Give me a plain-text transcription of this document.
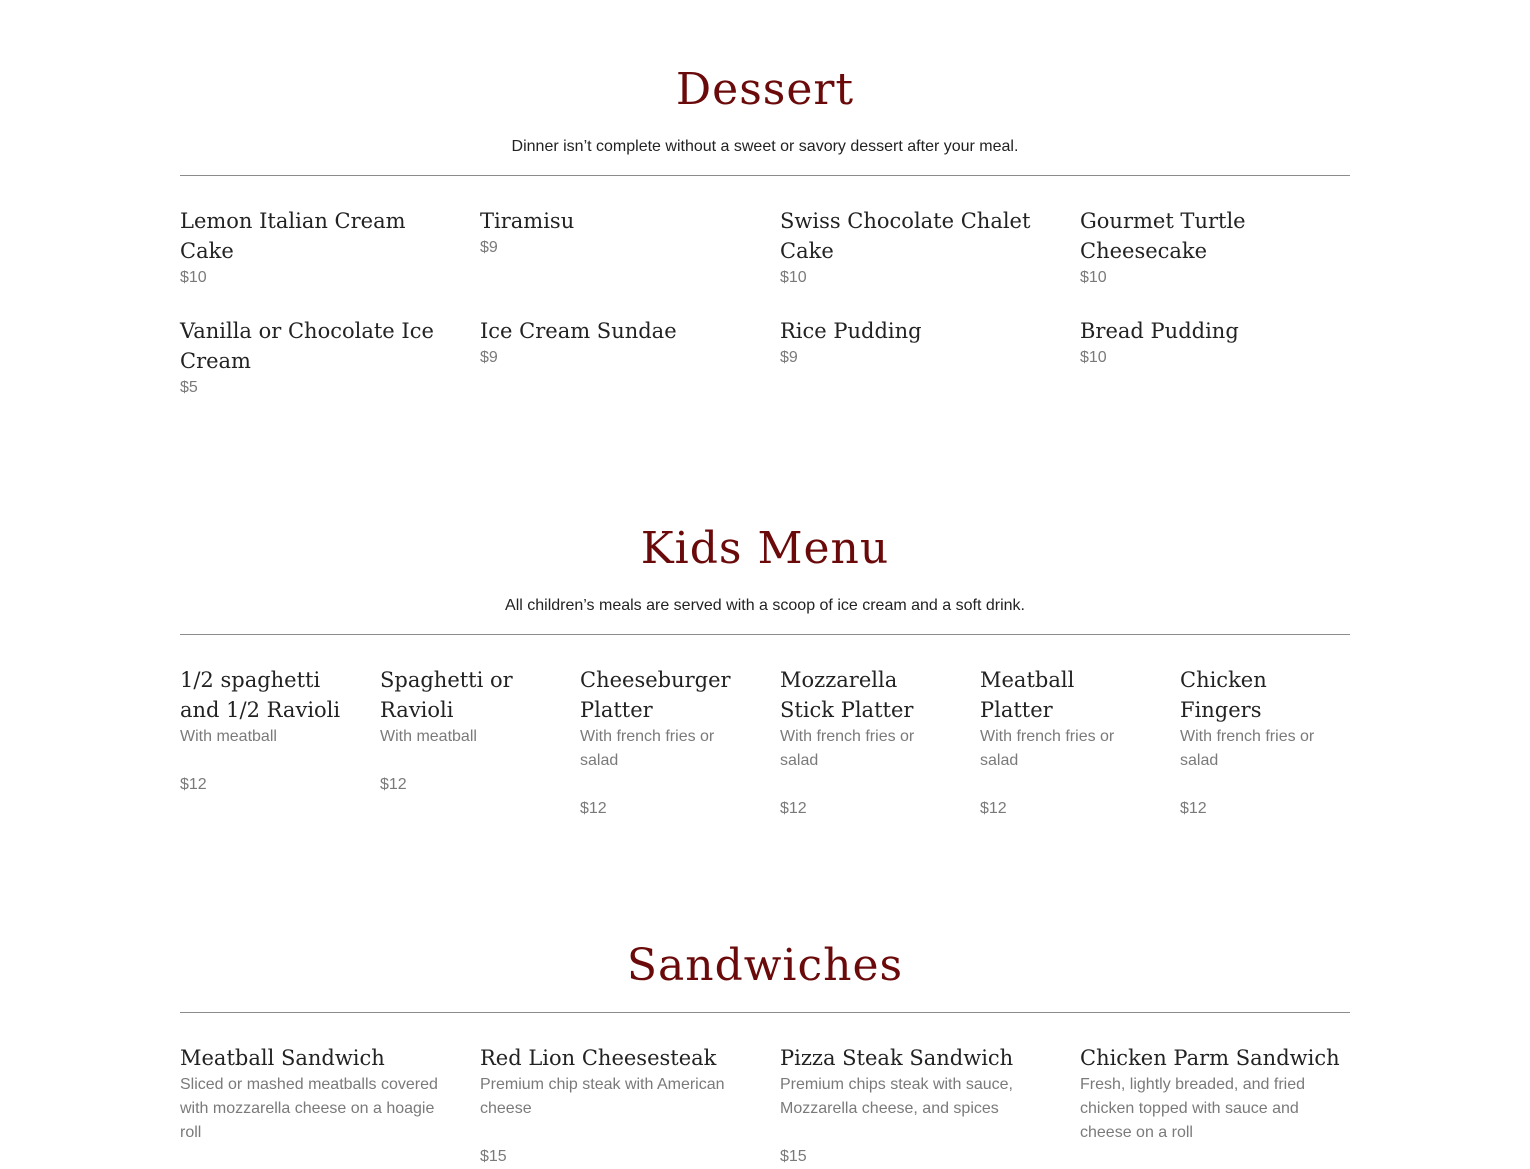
Dessert

Dinner isn’t complete without a sweet or savory dessert after your meal.

Lemon Italian Cream Cake
$10
Tiramisu
$9
Swiss Chocolate Chalet Cake
$10
Gourmet Turtle Cheesecake
$10
Vanilla or Chocolate Ice Cream
$5
Ice Cream Sundae
$9
Rice Pudding
$9
Bread Pudding
$10
Kids Menu

All children’s meals are served with a scoop of ice cream and a soft drink.

1/2 spaghetti and 1/2 Ravioli
With meatball
$12
Spaghetti or Ravioli
With meatball
$12
Cheeseburger Platter
With french fries or salad
$12
Mozzarella Stick Platter
With french fries or salad
$12
Meatball Platter
With french fries or salad
$12
Chicken Fingers
With french fries or salad
$12
Sandwiches
Meatball Sandwich
Sliced or mashed meatballs covered with mozzarella cheese on a hoagie roll
Red Lion Cheesesteak
Premium chip steak with American cheese
$15
Pizza Steak Sandwich
Premium chips steak with sauce, Mozzarella cheese, and spices
$15
Chicken Parm Sandwich
Fresh, lightly breaded, and fried chicken topped with sauce and cheese on a roll
